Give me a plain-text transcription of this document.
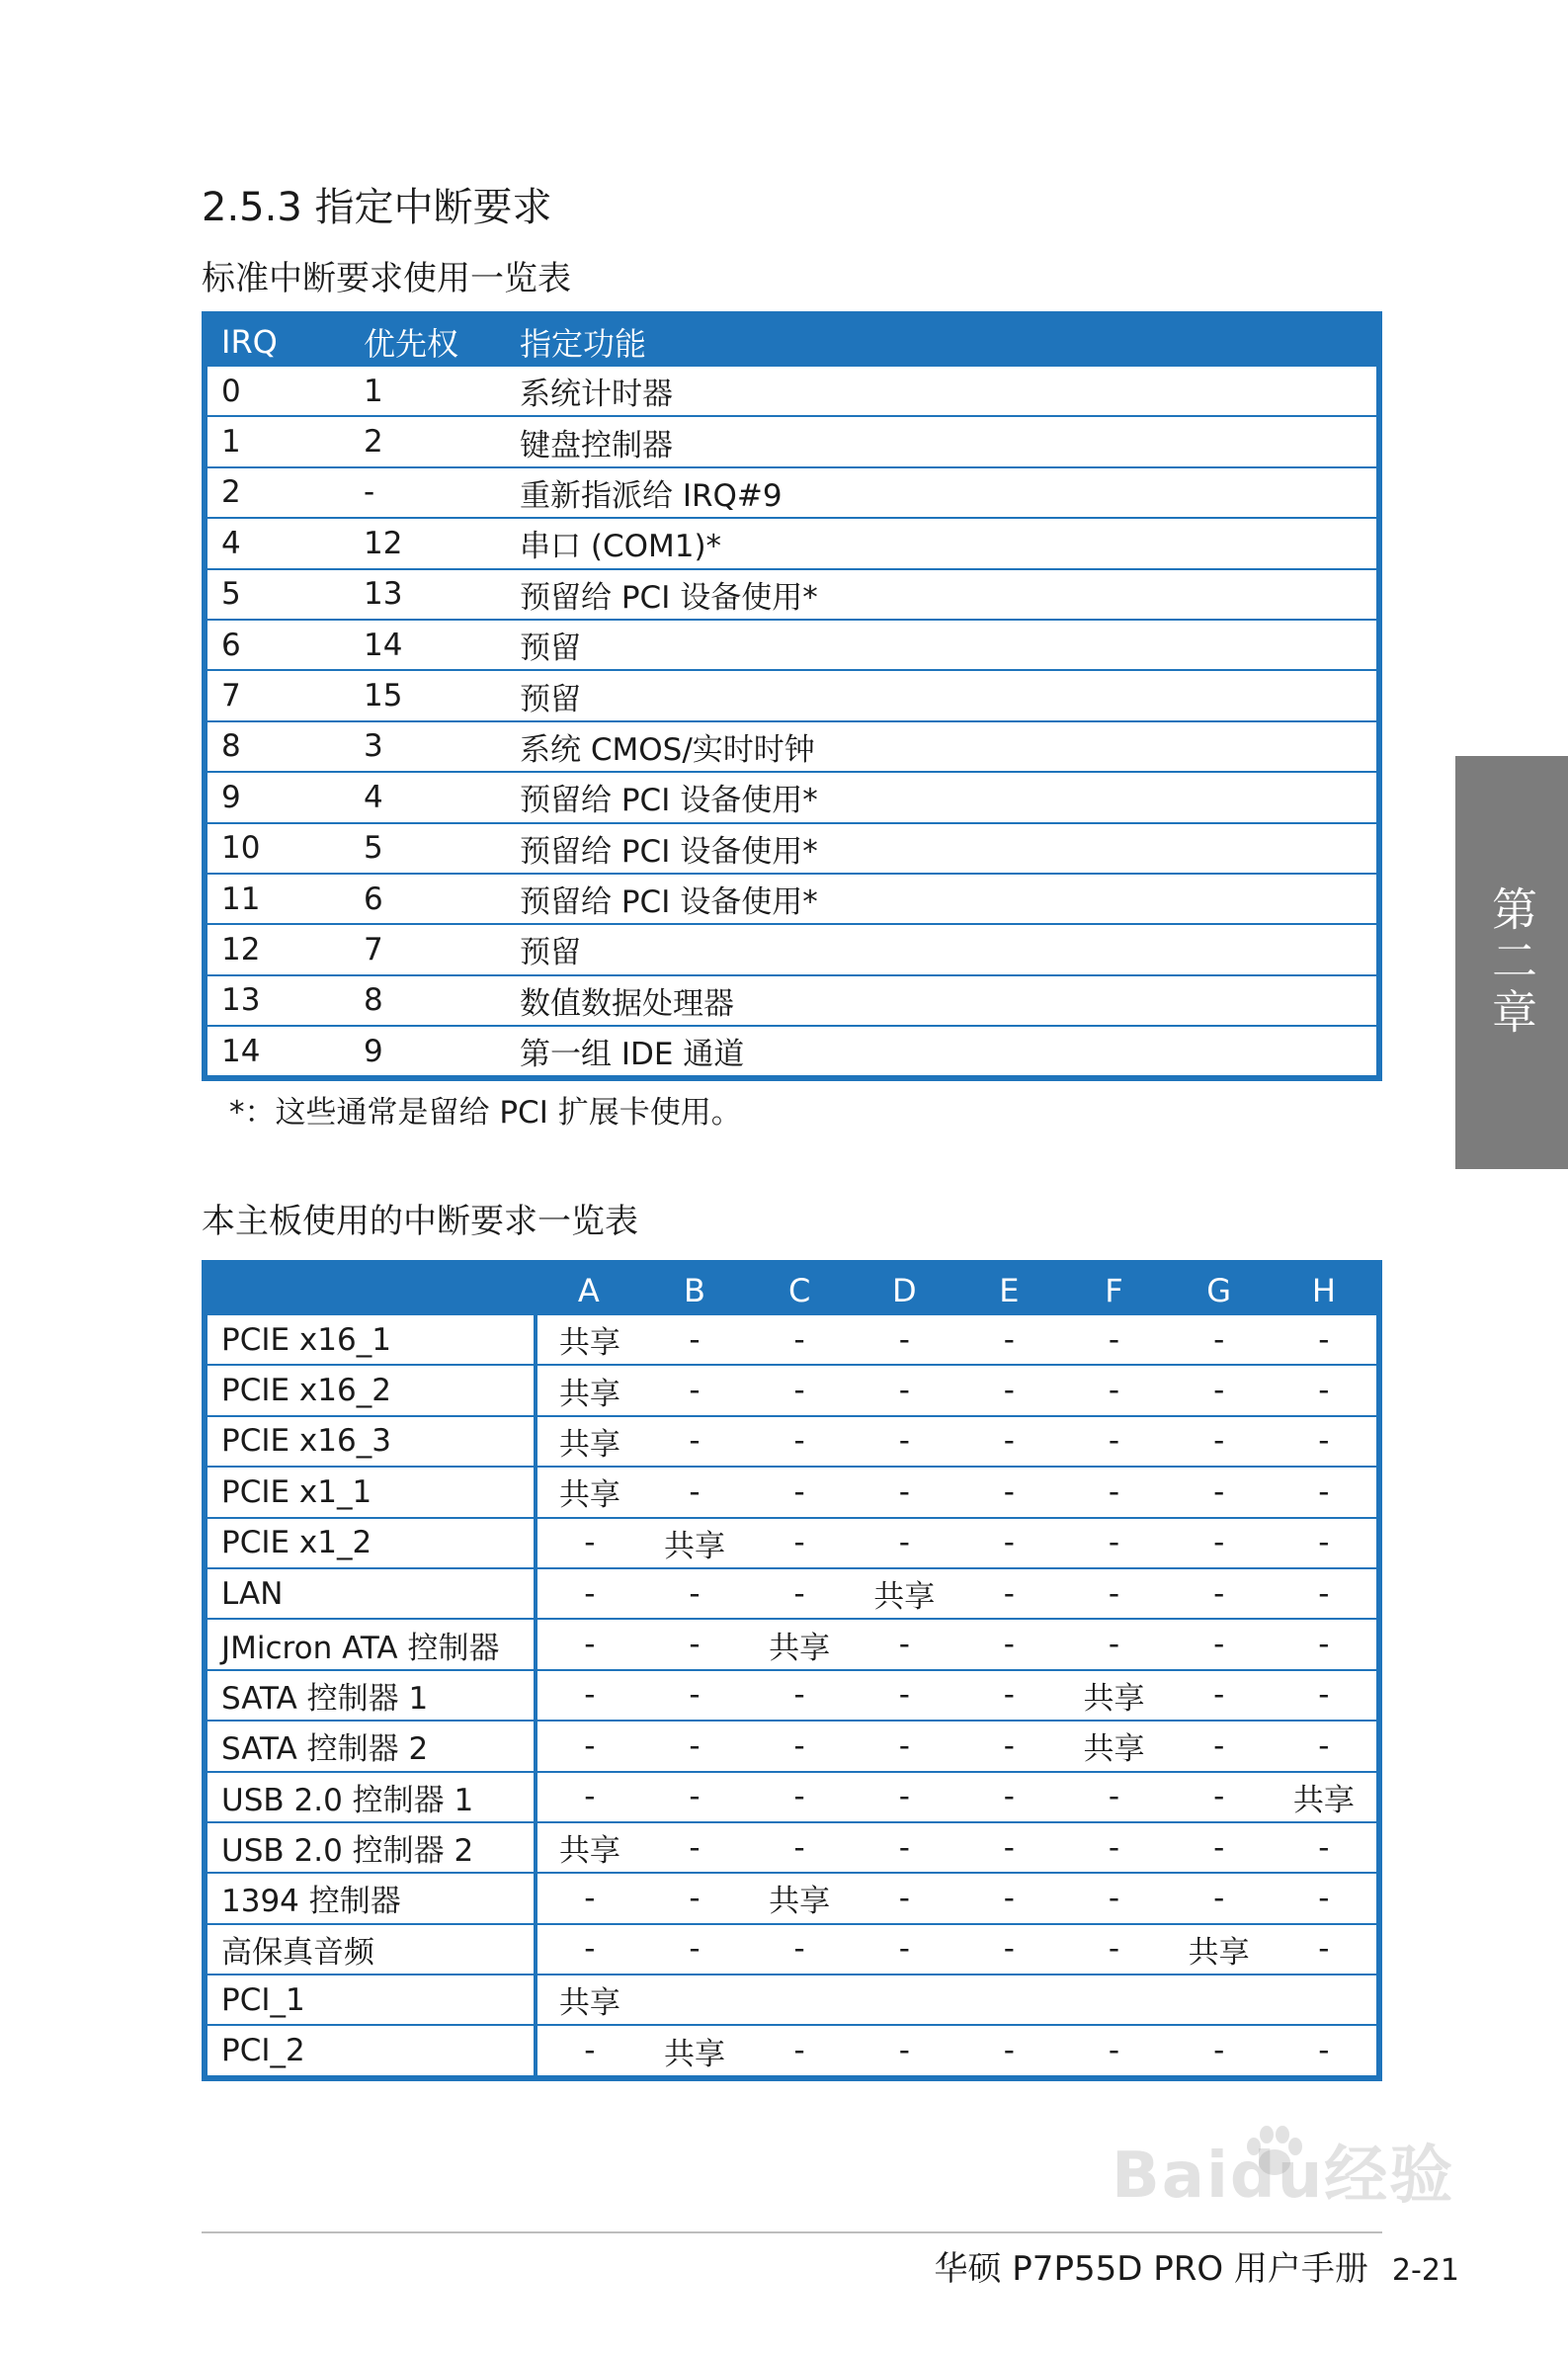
2.5.3 指定中断要求
标准中断要求使用一览表
IRQ	优先权	指定功能
0	1	系统计时器
1	2	键盘控制器
2	-	重新指派给 IRQ#9
4	12	串口 (COM1)*
5	13	预留给 PCI 设备使用*
6	14	预留
7	15	预留
8	3	系统 CMOS/实时时钟
9	4	预留给 PCI 设备使用*
10	5	预留给 PCI 设备使用*
11	6	预留给 PCI 设备使用*
12	7	预留
13	8	数值数据处理器
14	9	第一组 IDE 通道

*：这些通常是留给 PCI 扩展卡使用。

本主板使用的中断要求一览表
	A	B	C	D	E	F	G	H
PCIE x16_1	共享	-	-	-	-	-	-	-
PCIE x16_2	共享	-	-	-	-	-	-	-
PCIE x16_3	共享	-	-	-	-	-	-	-
PCIE x1_1	共享	-	-	-	-	-	-	-
PCIE x1_2	-	共享	-	-	-	-	-	-
LAN	-	-	-	共享	-	-	-	-
JMicron ATA 控制器	-	-	共享	-	-	-	-	-
SATA 控制器 1	-	-	-	-	-	共享	-	-
SATA 控制器 2	-	-	-	-	-	共享	-	-
USB 2.0 控制器 1	-	-	-	-	-	-	-	共享
USB 2.0 控制器 2	共享	-	-	-	-	-	-	-
1394 控制器	-	-	共享	-	-	-	-	-
高保真音频	-	-	-	-	-	-	共享	-
PCI_1	共享							
PCI_2	-	共享	-	-	-	-	-	-
第二章
华硕 P7P55D PRO 用户手册 2-21
Baidu经验
